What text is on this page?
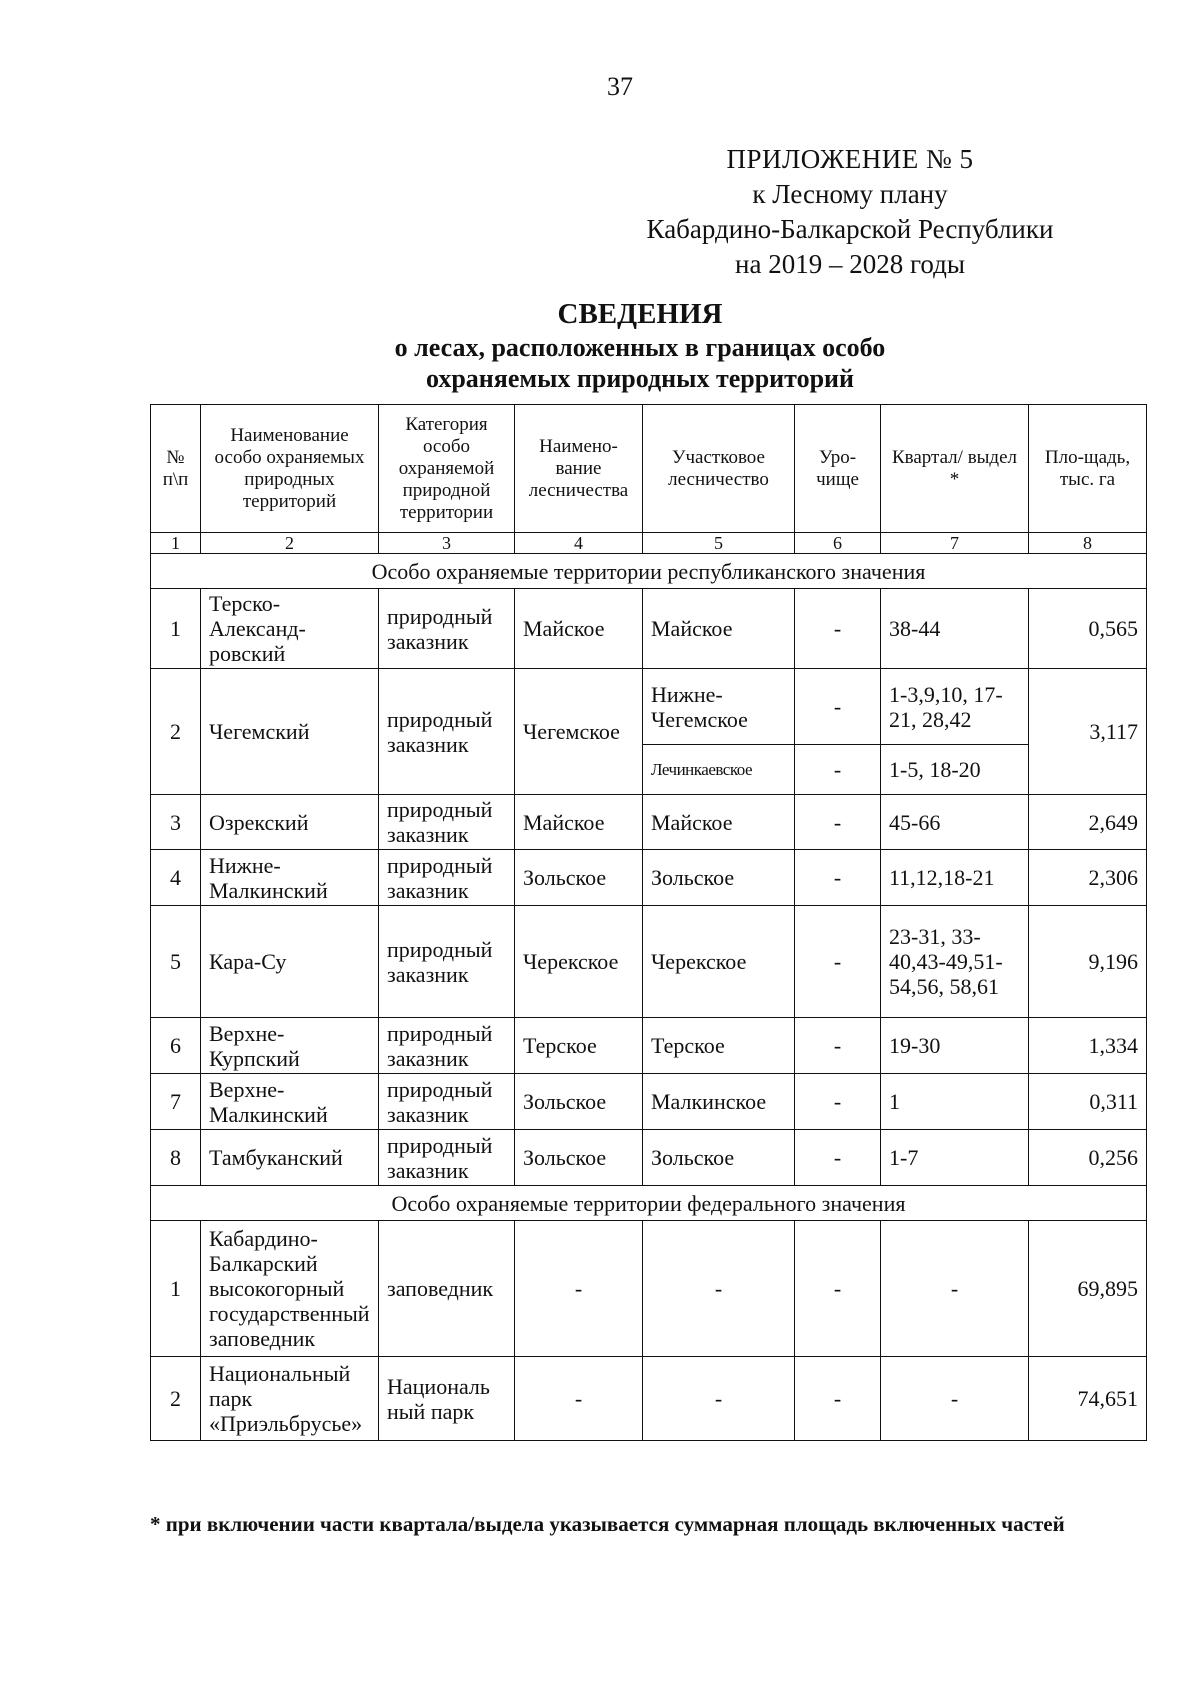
37
ПРИЛОЖЕНИЕ № 5
к Лесному плану
Кабардино-Балкарской Республики
на 2019 – 2028 годы
СВЕДЕНИЯ
о лесах, расположенных в границах особо
охраняемых природных территорий
№ п\п	Наименование особо охраняемых природных территорий	Категория особо охраняемой природной территории	Наимено-вание лесничества	Участковое лесничество	Уро-чище	Квартал/ выдел *	Пло-щадь, тыс. га
1	2	3	4	5	6	7	8
Особо охраняемые территории республиканского значения							
1	Терско-Александ-ровский	природный заказник	Майское	Майское	-	38-44	0,565
2	Чегемский	природный заказник	Чегемское	Нижне-Чегемское	-	1-3,9,10, 17-21, 28,42	3,117
				Лечинкаевское	-	1-5, 18-20	
3	Озрекский	природный заказник	Майское	Майское	-	45-66	2,649
4	Нижне-Малкинский	природный заказник	Зольское	Зольское	-	11,12,18-21	2,306
5	Кара-Су	природный заказник	Черекское	Черекское	-	23-31, 33-40,43-49,51-54,56, 58,61	9,196
6	Верхне-Курпский	природный заказник	Терское	Терское	-	19-30	1,334
7	Верхне-Малкинский	природный заказник	Зольское	Малкинское	-	1	0,311
8	Тамбуканский	природный заказник	Зольское	Зольское	-	1-7	0,256
Особо охраняемые территории федерального значения							
1	Кабардино-Балкарский высокогорный государственный заповедник	заповедник	-	-	-	-	69,895
2	Национальный парк «Приэльбрусье»	Националь ный парк	-	-	-	-	74,651
* при включении части квартала/выдела указывается суммарная площадь включенных частей
